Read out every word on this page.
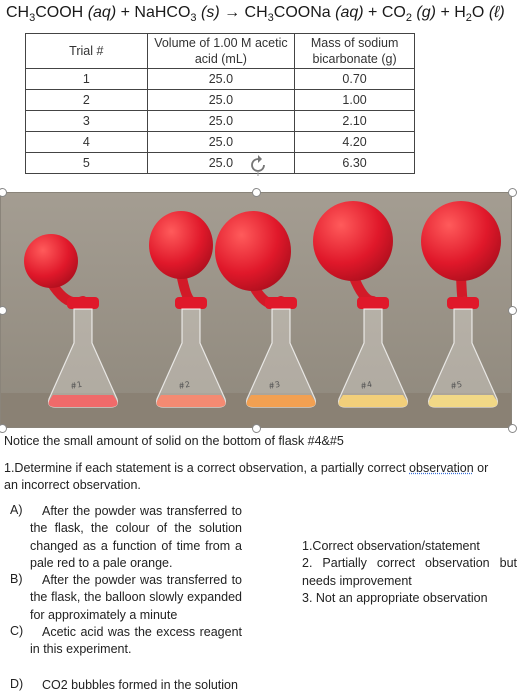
$CH_3COOH$ (aq) + NaHCO$_3$ $(s) \to CH_3COONa$ $(aq) + CO_2$ $(g) + H_2O$ (ℓ)
Trial #	Volume of 1.00 M acetic acid (mL)	Mass of sodium bicarbonate (g)
1	25.0	0.70
2	25.0	1.00
3	25.0	2.10
4	25.0	4.20
5	25.0	6.30
#1	#2	#3	#4	#5
Notice the small amount of solid on the bottom of flask #4&#5
1.Determine if each statement is a correct observation, a partially correct observation or an incorrect observation.
A)	After the powder was transferred to the flask, the colour of the solution changed as a function of time from a pale red to a pale orange.
B)	After the powder was transferred to the flask, the balloon slowly expanded for approximately a minute
C)	Acetic acid was the excess reagent in this experiment.
D)	CO2 bubbles formed in the solution
1.Correct observation/statement
2. Partially correct observation but needs improvement
3. Not an appropriate observation
